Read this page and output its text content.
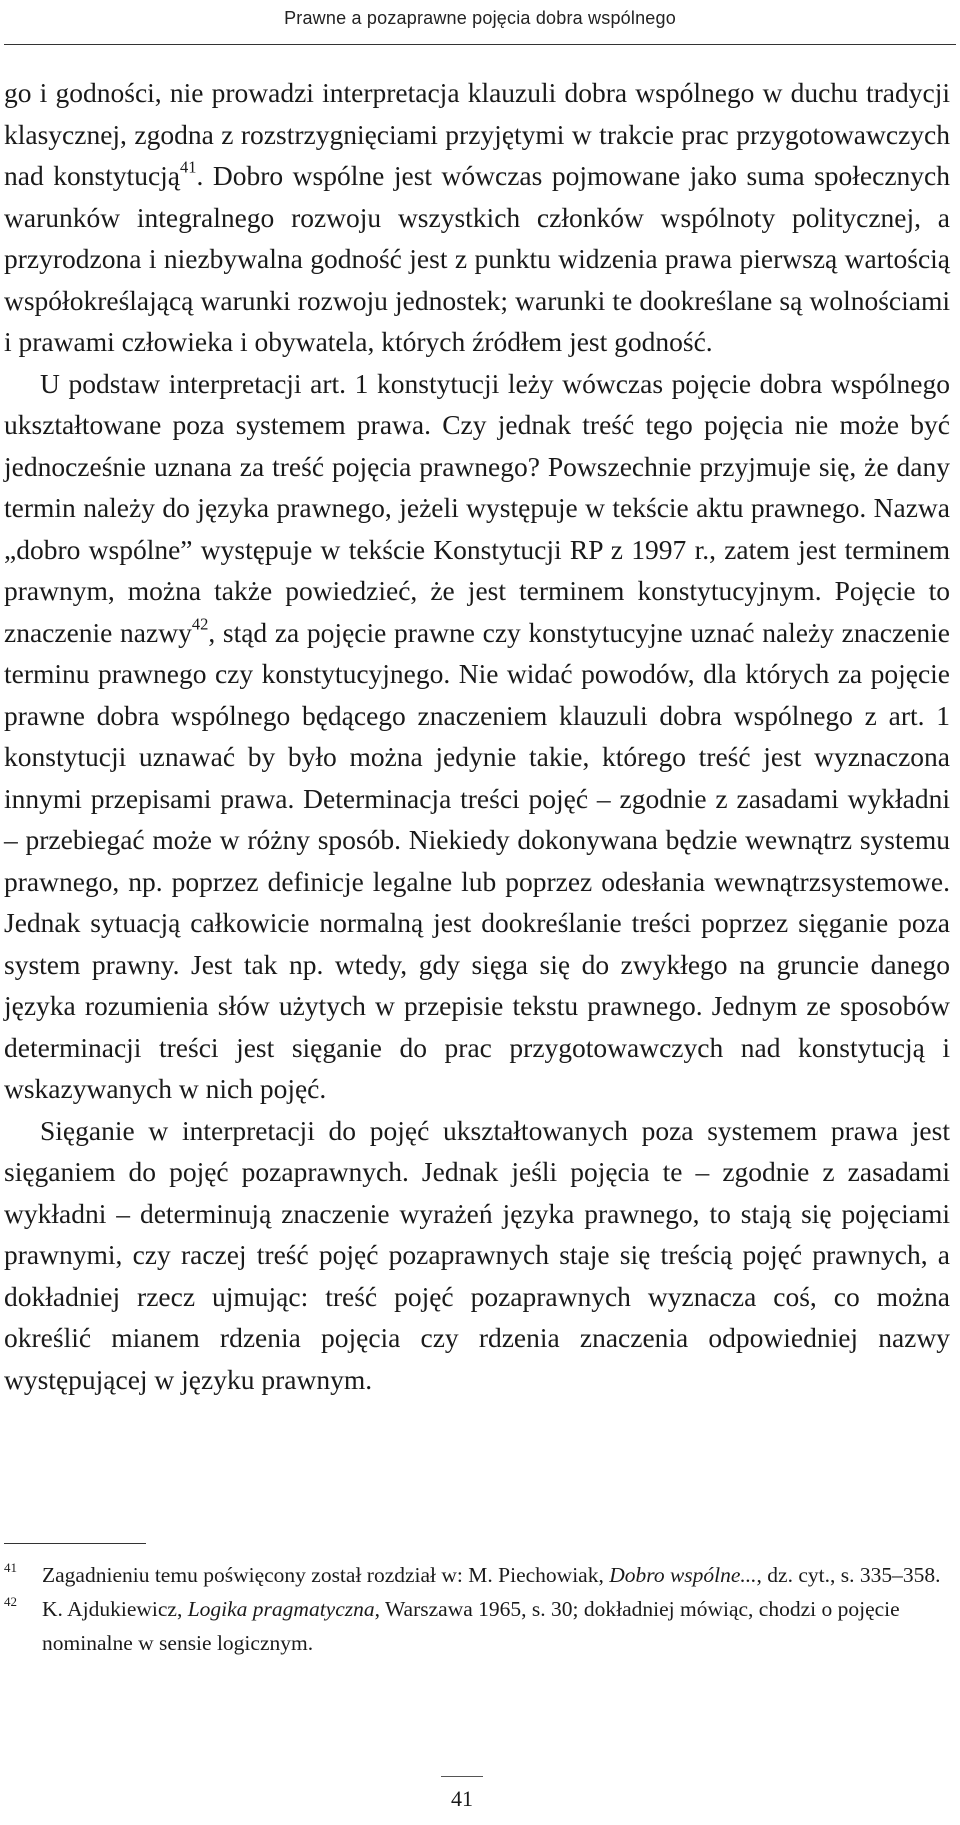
Prawne a pozaprawne pojęcia dobra wspólnego

go i godności, nie prowadzi interpretacja klauzuli dobra wspólnego w duchu tradycji klasycznej, zgodna z rozstrzygnięciami przyjętymi w trakcie prac przygotowawczych nad konstytucją$^{41}$. Dobro wspólne jest wówczas pojmowane jako suma społecznych warunków integralnego rozwoju wszystkich członków wspólnoty politycznej, a przyrodzona i niezbywalna godność jest z punktu widzenia prawa pierwszą wartością współokreślającą warunki rozwoju jednostek; warunki te dookreślane są wolnościami i prawami człowieka i obywatela, których źródłem jest godność.

U podstaw interpretacji art. 1 konstytucji leży wówczas pojęcie dobra wspólnego ukształtowane poza systemem prawa. Czy jednak treść tego pojęcia nie może być jednocześnie uznana za treść pojęcia prawnego? Powszechnie przyjmuje się, że dany termin należy do języka prawnego, jeżeli występuje w tekście aktu prawnego. Nazwa „dobro wspólne” występuje w tekście Konstytucji RP z 1997 r., zatem jest terminem prawnym, można także powiedzieć, że jest terminem konstytucyjnym. Pojęcie to znaczenie nazwy$^{42}$, stąd za pojęcie prawne czy konstytucyjne uznać należy znaczenie terminu prawnego czy konstytucyjnego. Nie widać powodów, dla których za pojęcie prawne dobra wspólnego będącego znaczeniem klauzuli dobra wspólnego z art. 1 konstytucji uznawać by było można jedynie takie, którego treść jest wyznaczona innymi przepisami prawa. Determinacja treści pojęć – zgodnie z zasadami wykładni – przebiegać może w różny sposób. Niekiedy dokonywana będzie wewnątrz systemu prawnego, np. poprzez definicje legalne lub poprzez odesłania wewnątrzsystemowe. Jednak sytuacją całkowicie normalną jest dookreślanie treści poprzez sięganie poza system prawny. Jest tak np. wtedy, gdy sięga się do zwykłego na gruncie danego języka rozumienia słów użytych w przepisie tekstu prawnego. Jednym ze sposobów determinacji treści jest sięganie do prac przygotowawczych nad konstytucją i wskazywanych w nich pojęć.

Sięganie w interpretacji do pojęć ukształtowanych poza systemem prawa jest sięganiem do pojęć pozaprawnych. Jednak jeśli pojęcia te – zgodnie z zasadami wykładni – determinują znaczenie wyrażeń języka prawnego, to stają się pojęciami prawnymi, czy raczej treść pojęć pozaprawnych staje się treścią pojęć prawnych, a dokładniej rzecz ujmując: treść pojęć pozaprawnych wyznacza coś, co można określić mianem rdzenia pojęcia czy rdzenia znaczenia odpowiedniej nazwy występującej w języku prawnym.

41 Zagadnieniu temu poświęcony został rozdział w: M. Piechowiak, Dobro wspólne..., dz. cyt., s. 335–358.

42 K. Ajdukiewicz, Logika pragmatyczna, Warszawa 1965, s. 30; dokładniej mówiąc, chodzi o pojęcie nominalne w sensie logicznym.

41
